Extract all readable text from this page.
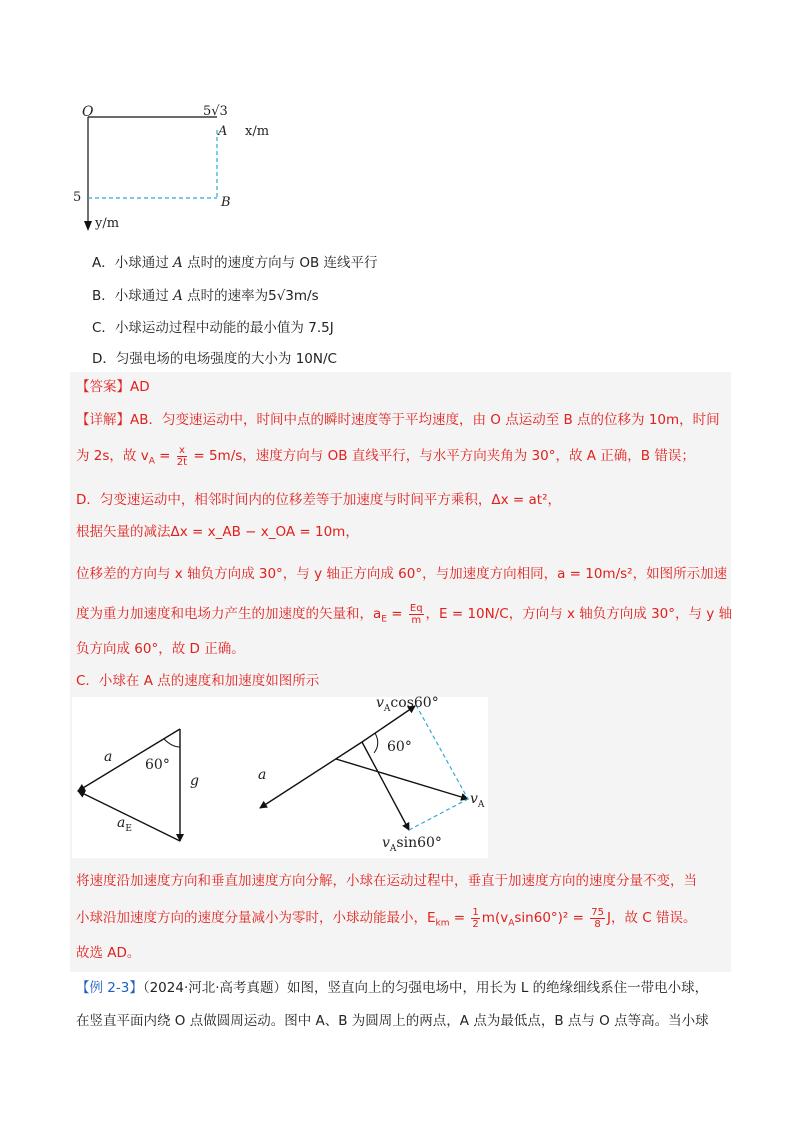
O	5√3
A x/m
5	B
y/m
A．小球通过 A 点时的速度方向与 OB 连线平行
B．小球通过 A 点时的速率为5√3m/s
C．小球运动过程中动能的最小值为 7.5J
D．匀强电场的电场强度的大小为 10N/C
【答案】AD
【详解】AB．匀变速运动中，时间中点的瞬时速度等于平均速度，由 O 点运动至 B 点的位移为 10m，时间
为 2s，故 $v_A = \frac{x}{2t} = 5m/s$，速度方向与 OB 直线平行，与水平方向夹角为 30°，故 A 正确，B 错误；
D．匀变速运动中，相邻时间内的位移差等于加速度与时间平方乘积，Δx = at²，
根据矢量的减法Δx = x_AB − x_OA = 10m，
位移差的方向与 x 轴负方向成 30°，与 y 轴正方向成 60°，与加速度方向相同，a = 10m/s²，如图所示加速
度为重力加速度和电场力产生的加速度的矢量和，$a_E = \frac{Eq}{m}$ ，E = 10N/C，方向与 x 轴负方向成 30°，与 y 轴
负方向成 60°，故 D 正确。
C．小球在 A 点的速度和加速度如图所示
a 60°
g
$a_E$
$v_A\cos 60^\circ$
60°
a
$v_A$
$v_A\sin 60^\circ$
将速度沿加速度方向和垂直加速度方向分解，小球在运动过程中，垂直于加速度方向的速度分量不变，当
小球沿加速度方向的速度分量减小为零时，小球动能最小，$E_{km} = \frac{1}{2} m(v_A\sin 60^\circ)^2 = \frac{75}{8}$ J，故 C 错误。
故选 AD。
【例 2-3】（2024·河北·高考真题）如图，竖直向上的匀强电场中，用长为 L 的绝缘细线系住一带电小球，
在竖直平面内绕 O 点做圆周运动。图中 A、B 为圆周上的两点，A 点为最低点，B 点与 O 点等高。当小球
